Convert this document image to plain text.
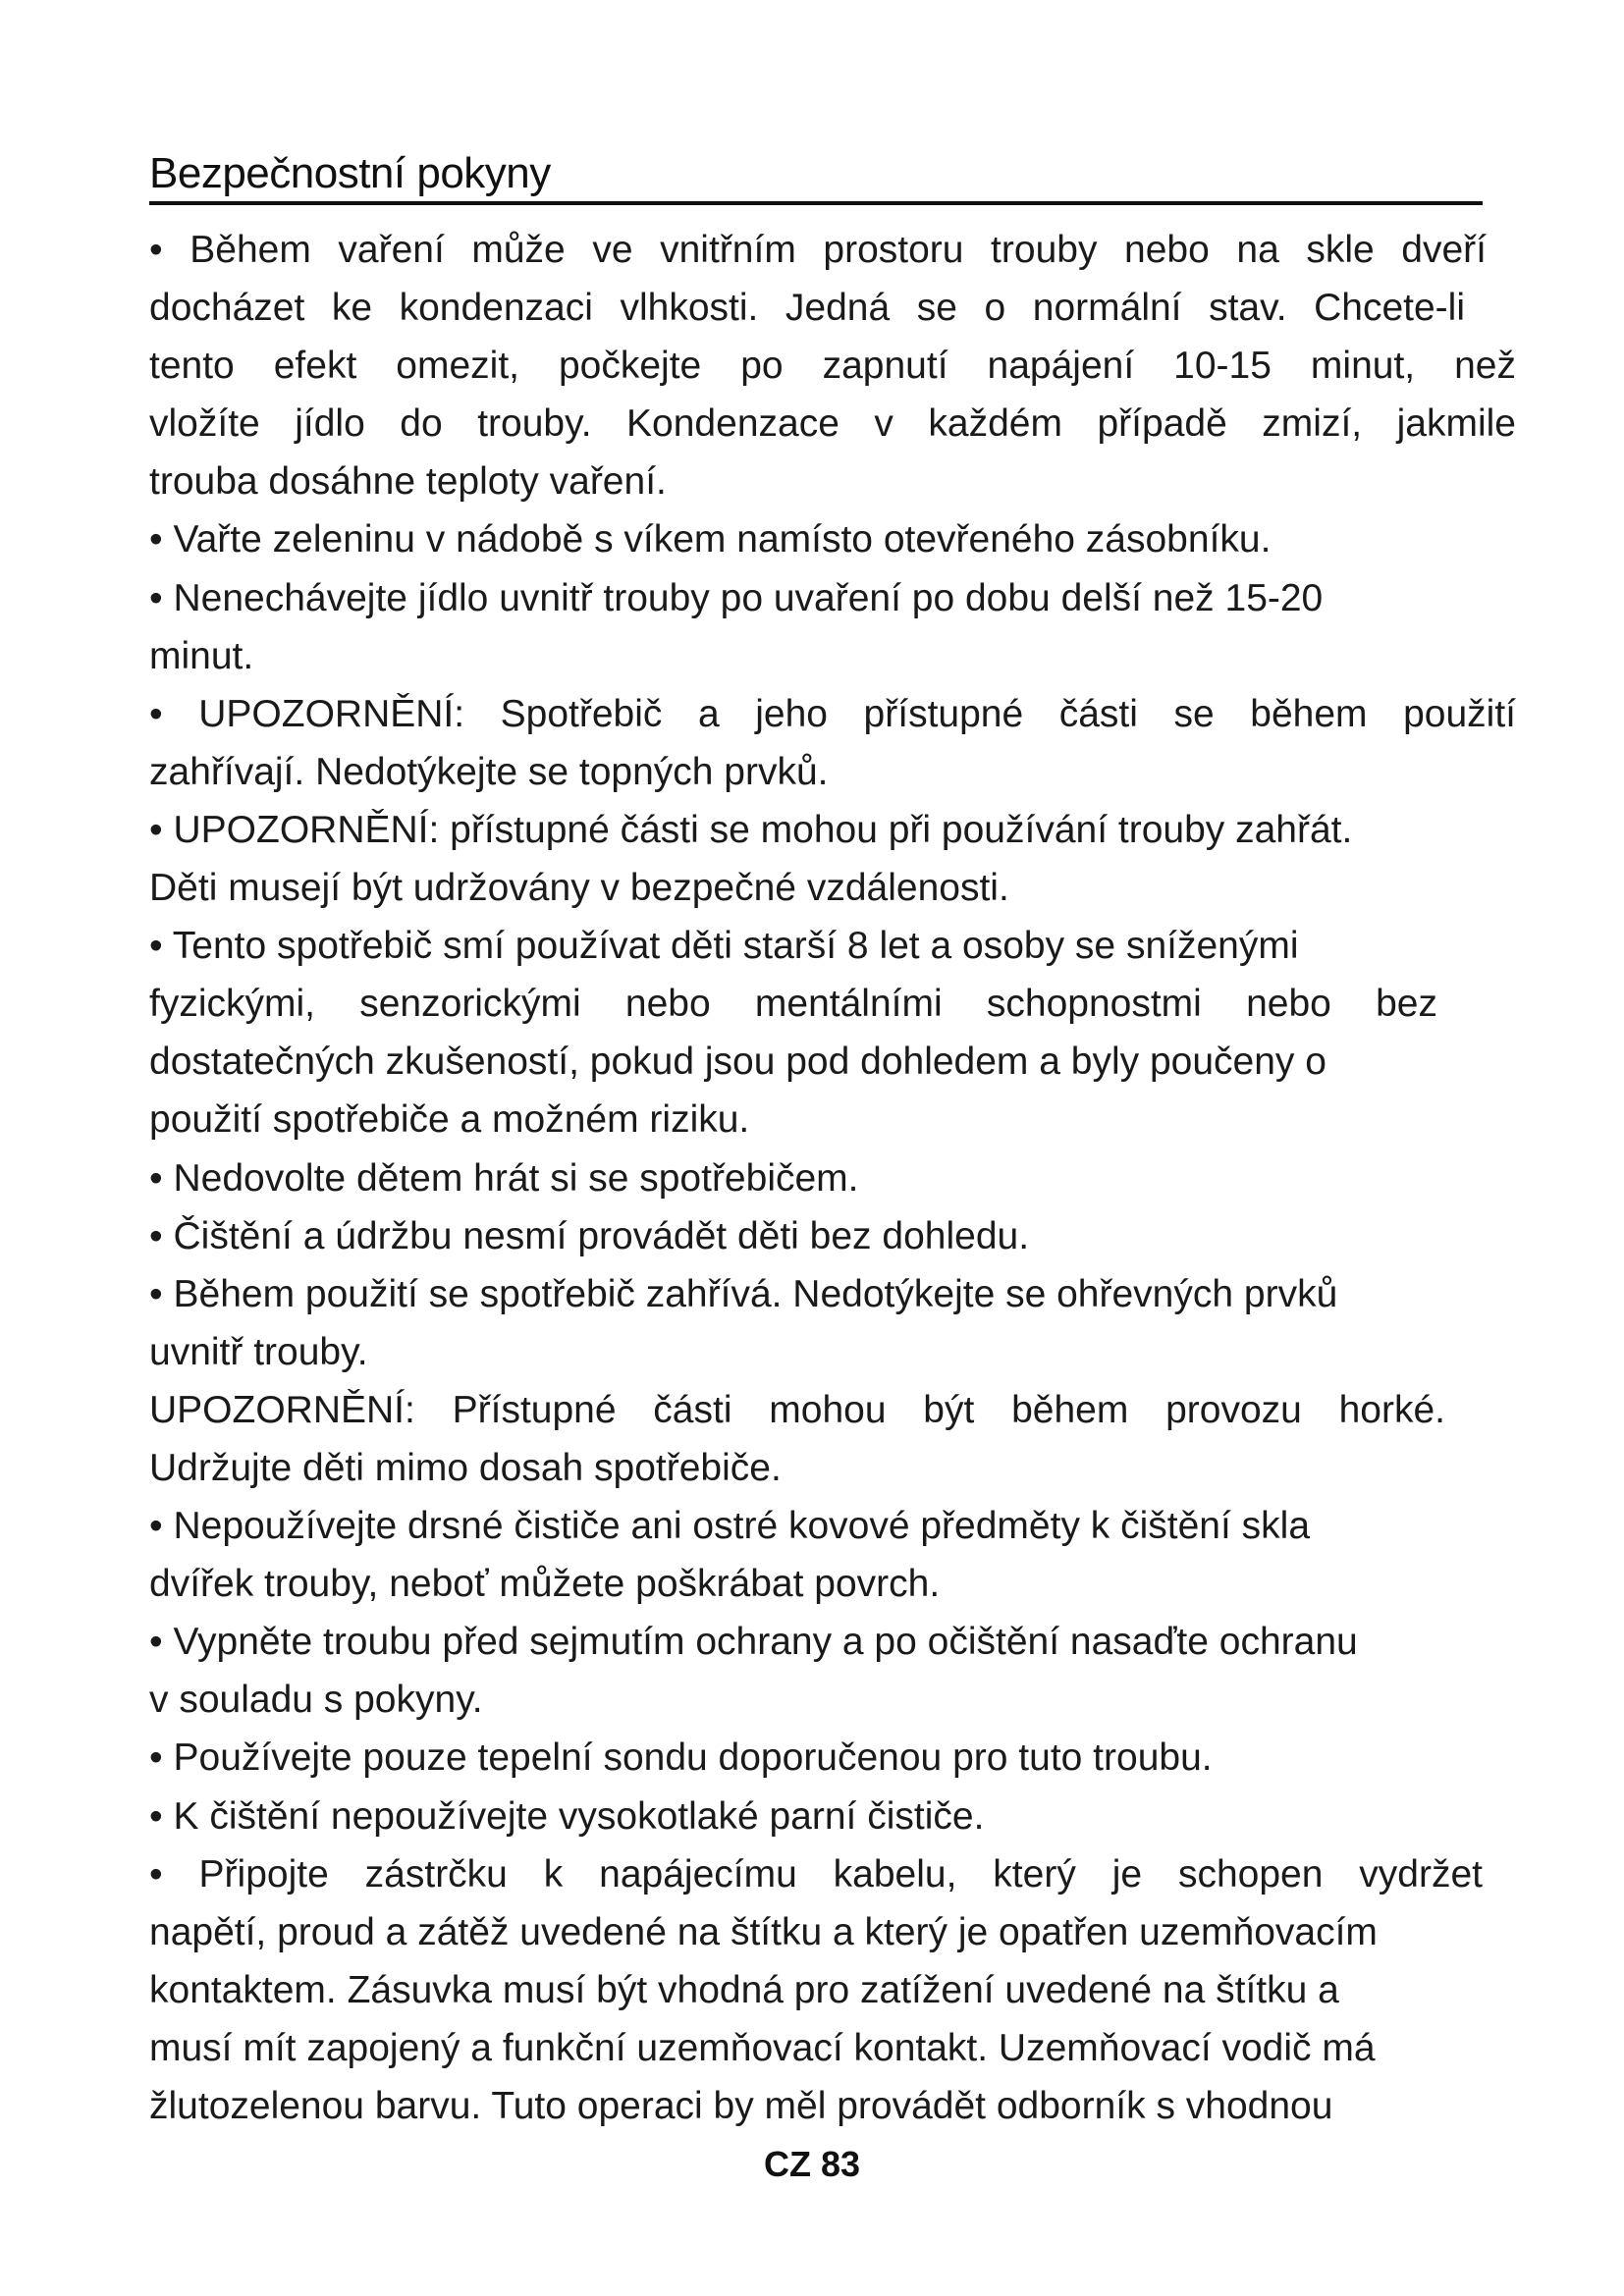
Bezpečnostní pokyny
• Během vaření může ve vnitřním prostoru trouby nebo na skle dveří
docházet ke kondenzaci vlhkosti. Jedná se o normální stav. Chcete-li
tento efekt omezit, počkejte po zapnutí napájení 10-15 minut, než
vložíte jídlo do trouby. Kondenzace v každém případě zmizí, jakmile
trouba dosáhne teploty vaření.
• Vařte zeleninu v nádobě s víkem namísto otevřeného zásobníku.
• Nenechávejte jídlo uvnitř trouby po uvaření po dobu delší než 15-20
minut.
• UPOZORNĚNÍ: Spotřebič a jeho přístupné části se během použití
zahřívají. Nedotýkejte se topných prvků.
• UPOZORNĚNÍ: přístupné části se mohou při používání trouby zahřát.
Děti musejí být udržovány v bezpečné vzdálenosti.
• Tento spotřebič smí používat děti starší 8 let a osoby se sníženými
fyzickými, senzorickými nebo mentálními schopnostmi nebo bez
dostatečných zkušeností, pokud jsou pod dohledem a byly poučeny o
použití spotřebiče a možném riziku.
• Nedovolte dětem hrát si se spotřebičem.
• Čištění a údržbu nesmí provádět děti bez dohledu.
• Během použití se spotřebič zahřívá. Nedotýkejte se ohřevných prvků
uvnitř trouby.
UPOZORNĚNÍ: Přístupné části mohou být během provozu horké.
Udržujte děti mimo dosah spotřebiče.
• Nepoužívejte drsné čističe ani ostré kovové předměty k čištění skla
dvířek trouby, neboť můžete poškrábat povrch.
• Vypněte troubu před sejmutím ochrany a po očištění nasaďte ochranu
v souladu s pokyny.
• Používejte pouze tepelní sondu doporučenou pro tuto troubu.
• K čištění nepoužívejte vysokotlaké parní čističe.
• Připojte zástrčku k napájecímu kabelu, který je schopen vydržet
napětí, proud a zátěž uvedené na štítku a který je opatřen uzemňovacím
kontaktem. Zásuvka musí být vhodná pro zatížení uvedené na štítku a
musí mít zapojený a funkční uzemňovací kontakt. Uzemňovací vodič má
žlutozelenou barvu. Tuto operaci by měl provádět odborník s vhodnou
CZ 83
